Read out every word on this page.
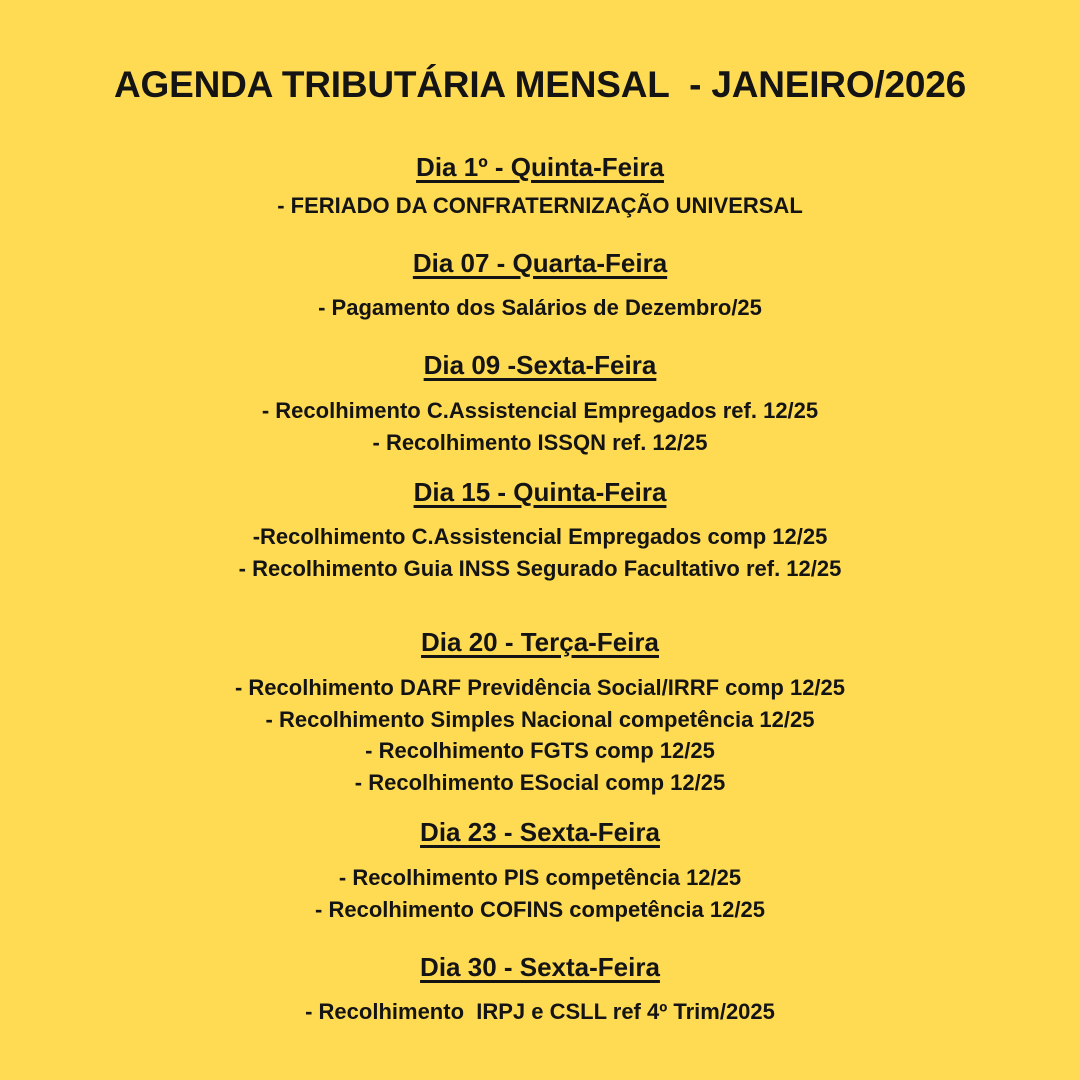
AGENDA TRIBUTÁRIA MENSAL  - JANEIRO/2026
Dia 1º - Quinta-Feira
- FERIADO DA CONFRATERNIZAÇÃO UNIVERSAL
Dia 07 - Quarta-Feira
- Pagamento dos Salários de Dezembro/25
Dia 09 -Sexta-Feira
- Recolhimento C.Assistencial Empregados ref. 12/25
- Recolhimento ISSQN ref. 12/25
Dia 15 - Quinta-Feira
-Recolhimento C.Assistencial Empregados comp 12/25
- Recolhimento Guia INSS Segurado Facultativo ref. 12/25
Dia 20 - Terça-Feira
- Recolhimento DARF Previdência Social/IRRF comp 12/25
- Recolhimento Simples Nacional competência 12/25
- Recolhimento FGTS comp 12/25
- Recolhimento ESocial comp 12/25
Dia 23 - Sexta-Feira
- Recolhimento PIS competência 12/25
- Recolhimento COFINS competência 12/25
Dia 30 - Sexta-Feira
- Recolhimento  IRPJ e CSLL ref 4º Trim/2025
